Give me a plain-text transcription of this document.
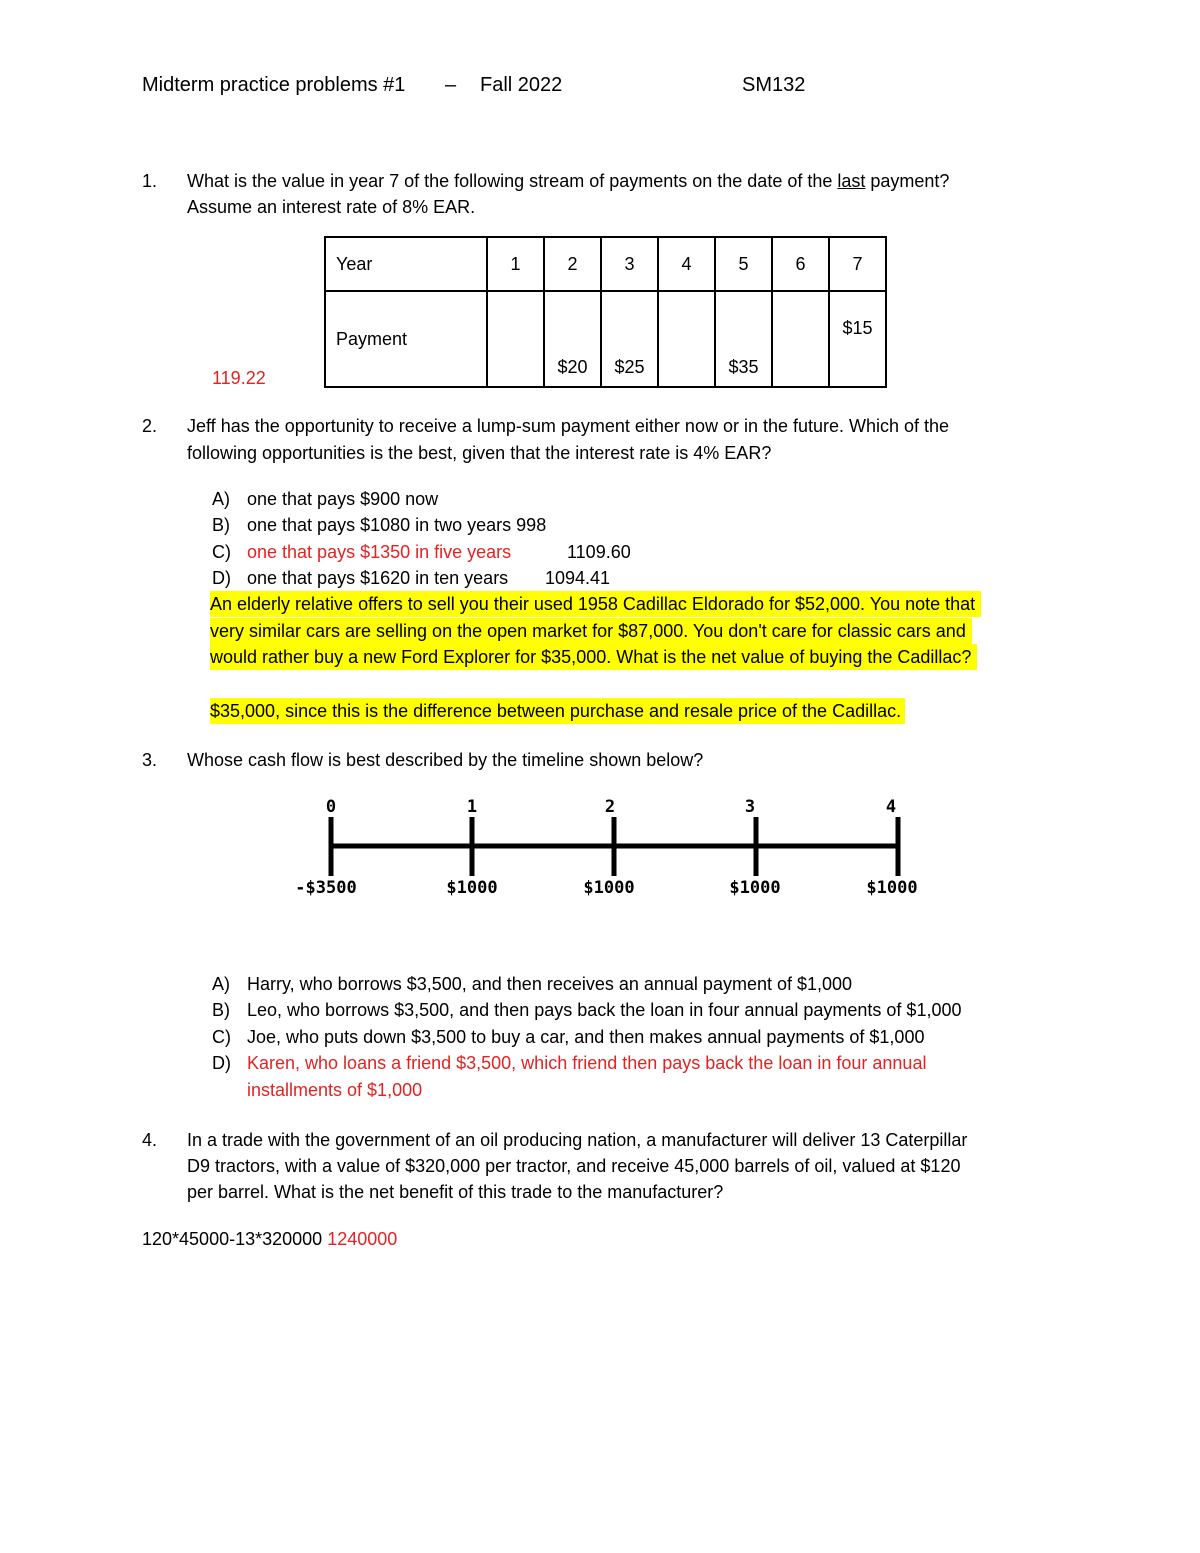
Midterm practice problems #1 – Fall 2022	SM132
1. What is the value in year 7 of the following stream of payments on the date of the last payment?
Assume an interest rate of 8% EAR.
Year	1	2	3	4	5	6	7
Payment		$20	$25		$35		$15
119.22
2. Jeff has the opportunity to receive a lump-sum payment either now or in the future. Which of the
following opportunities is the best, given that the interest rate is 4% EAR?
A) one that pays $900 now
B) one that pays $1080 in two years 998
C) one that pays $1350 in five years	1109.60
D) one that pays $1620 in ten years 1094.41
An elderly relative offers to sell you their used 1958 Cadillac Eldorado for $52,000. You note that
very similar cars are selling on the open market for $87,000. You don't care for classic cars and
would rather buy a new Ford Explorer for $35,000. What is the net value of buying the Cadillac?
$35,000, since this is the difference between purchase and resale price of the Cadillac.
3. Whose cash flow is best described by the timeline shown below?
0	1	2	3	4
-$3500	$1000	$1000	$1000	$1000
A) Harry, who borrows $3,500, and then receives an annual payment of $1,000
B) Leo, who borrows $3,500, and then pays back the loan in four annual payments of $1,000
C) Joe, who puts down $3,500 to buy a car, and then makes annual payments of $1,000
D) Karen, who loans a friend $3,500, which friend then pays back the loan in four annual
installments of $1,000
4. In a trade with the government of an oil producing nation, a manufacturer will deliver 13 Caterpillar
D9 tractors, with a value of $320,000 per tractor, and receive 45,000 barrels of oil, valued at $120
per barrel. What is the net benefit of this trade to the manufacturer?
120*45000-13*320000 1240000
